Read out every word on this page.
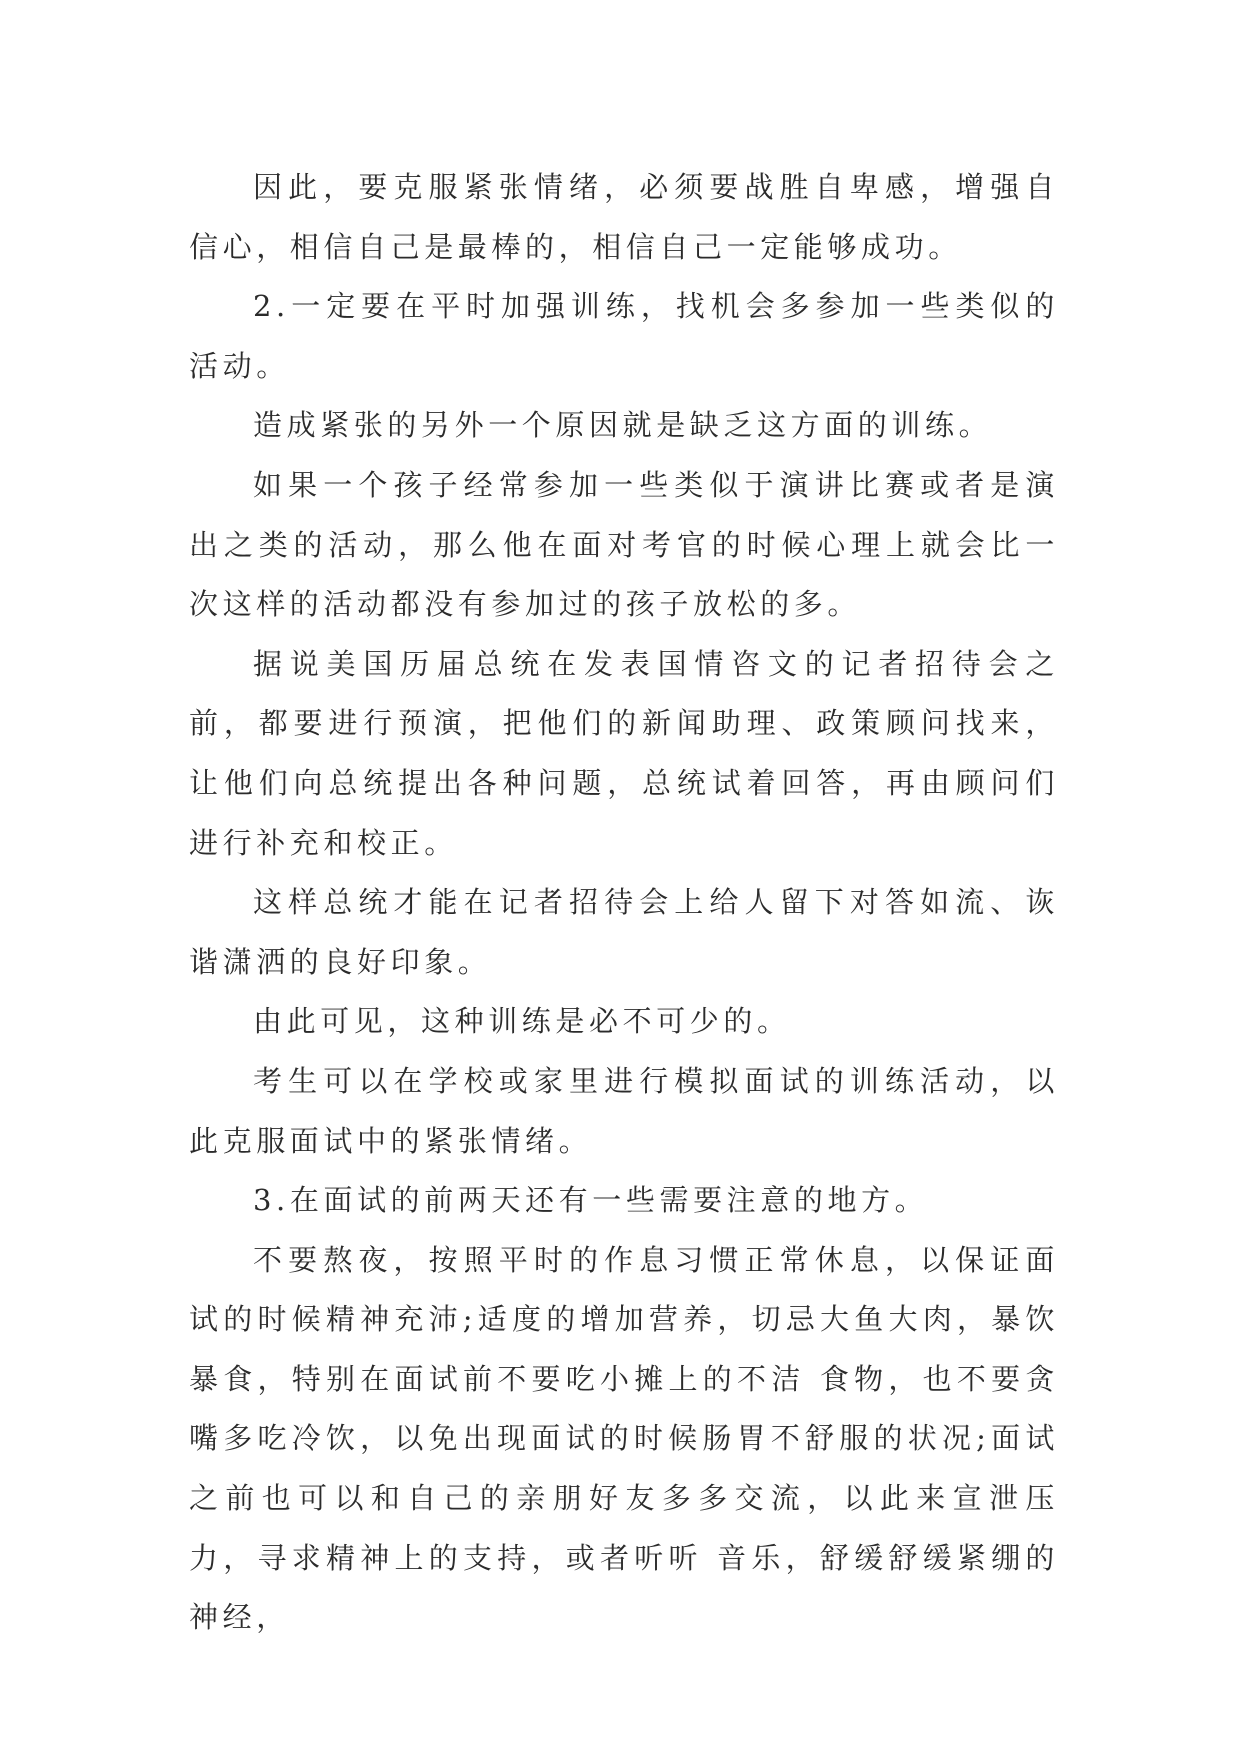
因此，要克服紧张情绪，必须要战胜自卑感，增强自信心，相信自己是最棒的，相信自己一定能够成功。

2.一定要在平时加强训练，找机会多参加一些类似的活动。

造成紧张的另外一个原因就是缺乏这方面的训练。

如果一个孩子经常参加一些类似于演讲比赛或者是演出之类的活动，那么他在面对考官的时候心理上就会比一次这样的活动都没有参加过的孩子放松的多。

据说美国历届总统在发表国情咨文的记者招待会之前，都要进行预演，把他们的新闻助理、政策顾问找来，让他们向总统提出各种问题，总统试着回答，再由顾问们进行补充和校正。

这样总统才能在记者招待会上给人留下对答如流、诙谐潇洒的良好印象。

由此可见，这种训练是必不可少的。

考生可以在学校或家里进行模拟面试的训练活动，以此克服面试中的紧张情绪。

3.在面试的前两天还有一些需要注意的地方。

不要熬夜，按照平时的作息习惯正常休息，以保证面试的时候精神充沛;适度的增加营养，切忌大鱼大肉，暴饮暴食，特别在面试前不要吃小摊上的不洁 食物，也不要贪嘴多吃冷饮，以免出现面试的时候肠胃不舒服的状况;面试之前也可以和自己的亲朋好友多多交流，以此来宣泄压力，寻求精神上的支持，或者听听 音乐，舒缓舒缓紧绷的神经，
